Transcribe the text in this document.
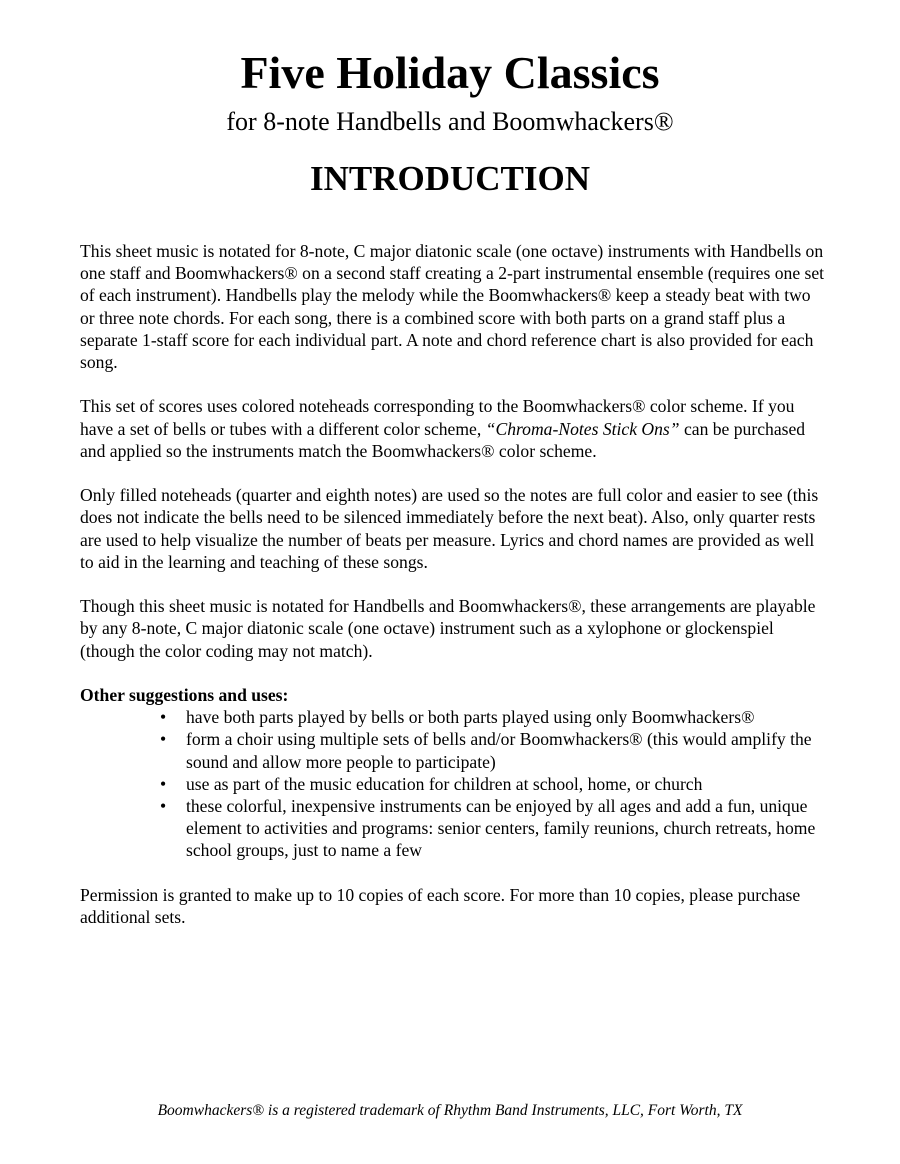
Five Holiday Classics
for 8-note Handbells and Boomwhackers®
INTRODUCTION

This sheet music is notated for 8-note, C major diatonic scale (one octave) instruments with Handbells on one staff and Boomwhackers® on a second staff creating a 2-part instrumental ensemble (requires one set of each instrument). Handbells play the melody while the Boomwhackers® keep a steady beat with two or three note chords. For each song, there is a combined score with both parts on a grand staff plus a separate 1-staff score for each individual part. A note and chord reference chart is also provided for each song.

This set of scores uses colored noteheads corresponding to the Boomwhackers® color scheme. If you have a set of bells or tubes with a different color scheme, “Chroma-Notes Stick Ons” can be purchased and applied so the instruments match the Boomwhackers® color scheme.

Only filled noteheads (quarter and eighth notes) are used so the notes are full color and easier to see (this does not indicate the bells need to be silenced immediately before the next beat). Also, only quarter rests are used to help visualize the number of beats per measure. Lyrics and chord names are provided as well to aid in the learning and teaching of these songs.

Though this sheet music is notated for Handbells and Boomwhackers®, these arrangements are playable by any 8-note, C major diatonic scale (one octave) instrument such as a xylophone or glockenspiel (though the color coding may not match).

Other suggestions and uses:
• have both parts played by bells or both parts played using only Boomwhackers®
• form a choir using multiple sets of bells and/or Boomwhackers® (this would amplify the sound and allow more people to participate)
• use as part of the music education for children at school, home, or church
• these colorful, inexpensive instruments can be enjoyed by all ages and add a fun, unique element to activities and programs: senior centers, family reunions, church retreats, home school groups, just to name a few

Permission is granted to make up to 10 copies of each score. For more than 10 copies, please purchase additional sets.

Boomwhackers® is a registered trademark of Rhythm Band Instruments, LLC, Fort Worth, TX
